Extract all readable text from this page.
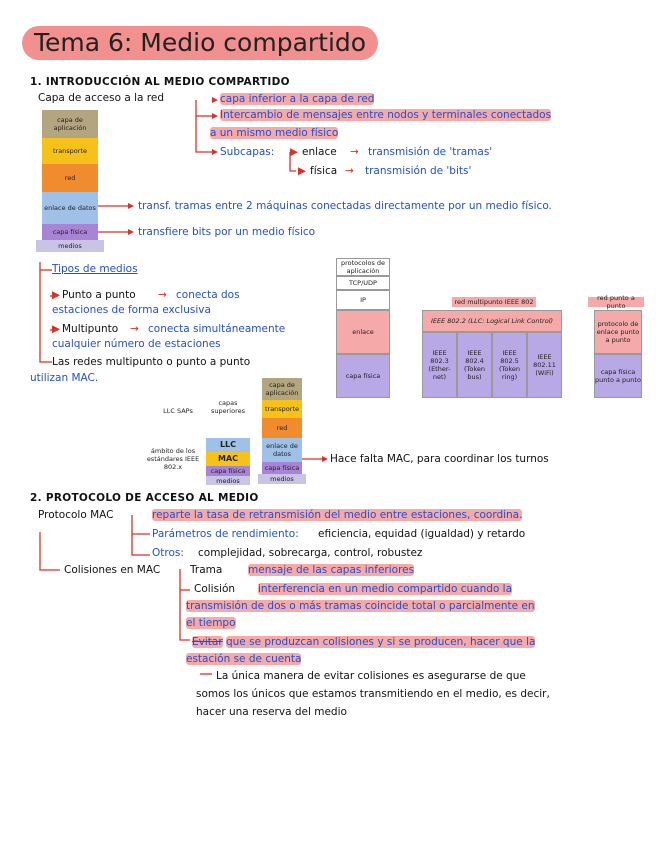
Tema 6: Medio compartido
1. INTRODUCCIÓN AL MEDIO COMPARTIDO
Capa de acceso a la red	capa inferior a la capa de red
Intercambio de mensajes entre nodos y terminales conectados
a un mismo medio físico
Subcapas: ▶ enlace → transmisión de 'tramas'
▶ física → transmisión de 'bits'
capa de aplicación
transporte
red
enlace de datos
capa física
medios
transf. tramas entre 2 máquinas conectadas directamente por un medio físico.
transfiere bits por un medio físico
Tipos de medios
▶ Punto a punto → conecta dos
estaciones de forma exclusiva
▶ Multipunto → conecta simultáneamente
cualquier número de estaciones
Las redes multipunto o punto a punto
utilizan MAC.
protocolos de aplicación
TCP/UDP
IP
enlace
capa física
red multipunto IEEE 802	red punto a punto
IEEE 802.2 (LLC: Logical Link Control)
IEEE 802.3 (Ether-net)
IEEE 802.4 (Token bus)
IEEE 802.5 (Token ring)
IEEE 802.11 (WiFi)
protocolo de enlace punto a punto
capa física punto a punto
LLC SAPs
capas superiores
ámbito de los estándares IEEE 802.x
LLC
MAC
capa física
medios
capa de aplicación
transporte
red
enlace de datos
capa física
medios
Hace falta MAC, para coordinar los turnos
2. PROTOCOLO DE ACCESO AL MEDIO
Protocolo MAC	reparte la tasa de retransmisión del medio entre estaciones, coordina.
Parámetros de rendimiento: eficiencia, equidad (igualdad) y retardo
Otros: complejidad, sobrecarga, control, robustez
Colisiones en MAC	Trama mensaje de las capas inferiores
Colisión interferencia en un medio compartido cuando la
transmisión de dos o más tramas coincide total o parcialmente en
el tiempo
Evitar que se produzcan colisiones y si se producen, hacer que la
estación se de cuenta
La única manera de evitar colisiones es asegurarse de que
somos los únicos que estamos transmitiendo en el medio, es decir,
hacer una reserva del medio
